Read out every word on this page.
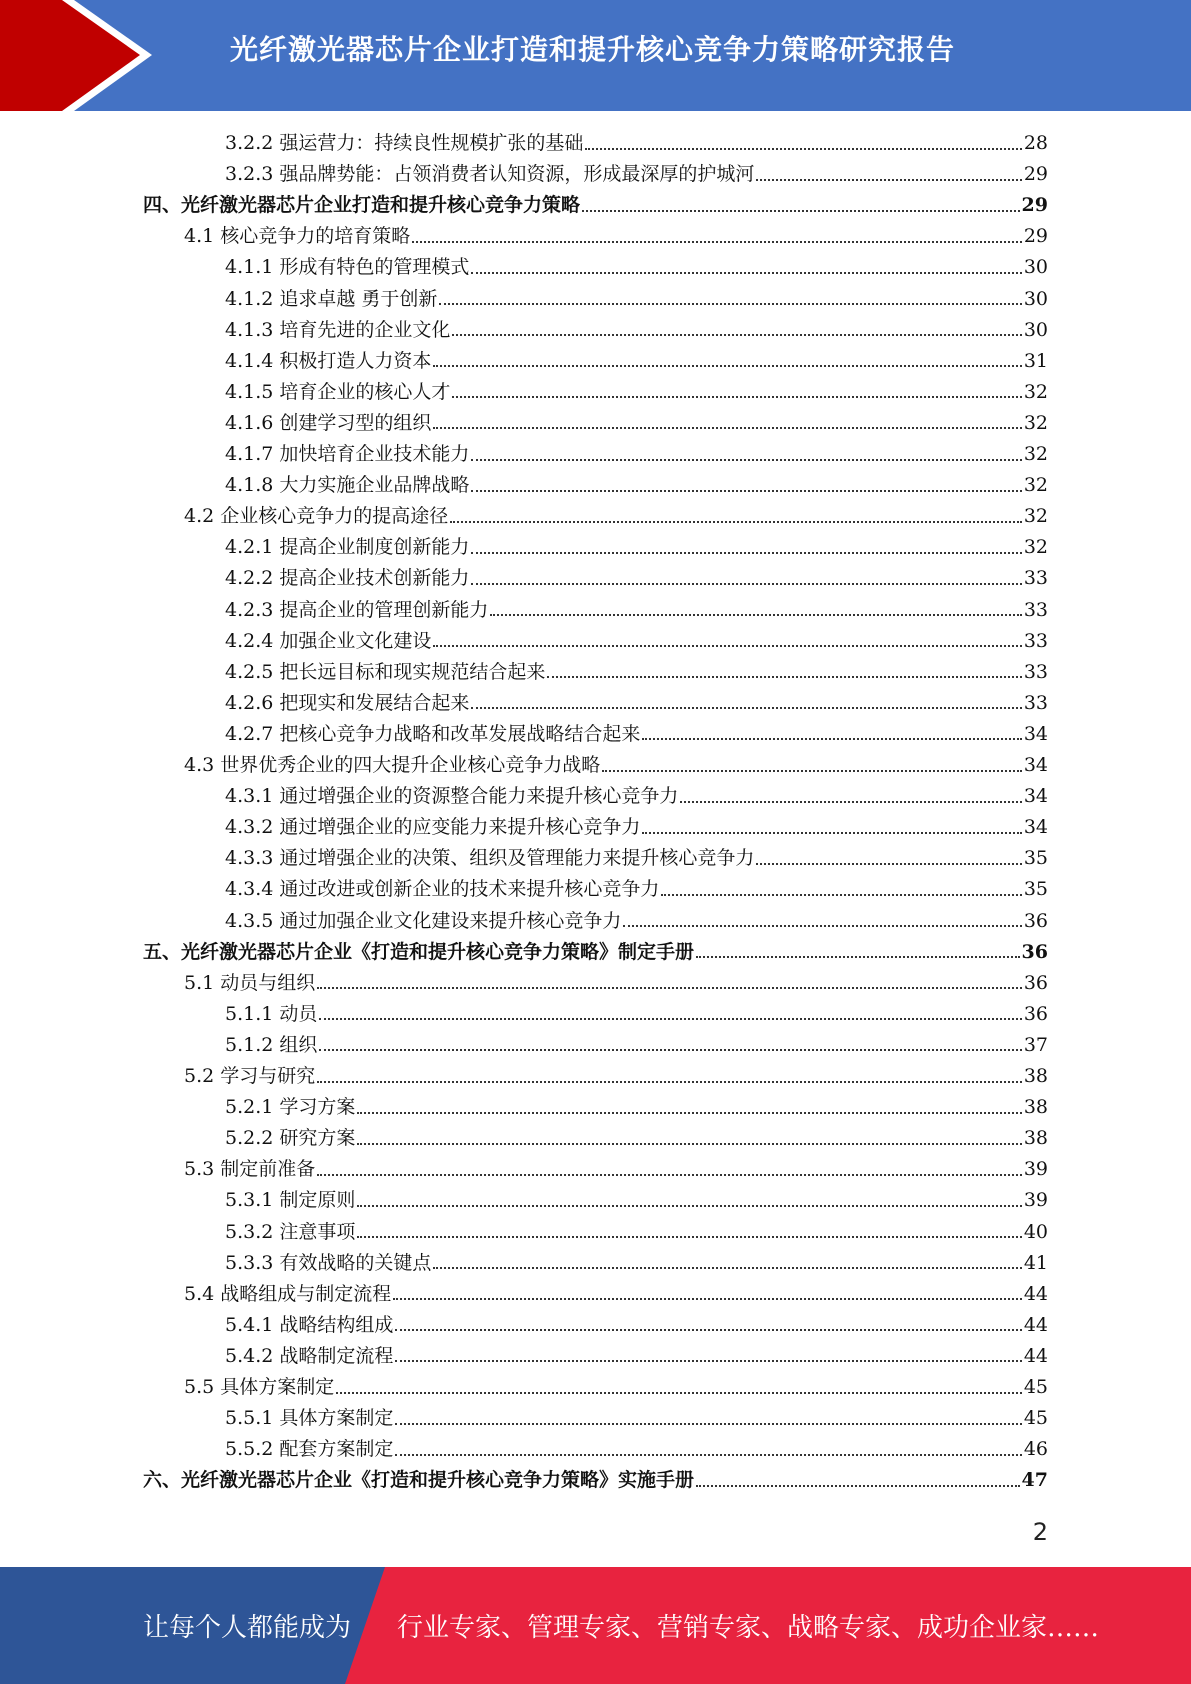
光纤激光器芯片企业打造和提升核心竞争力策略研究报告
3.2.2 强运营力：持续良性规模扩张的基础	28
3.2.3 强品牌势能：占领消费者认知资源，形成最深厚的护城河	29
四、光纤激光器芯片企业打造和提升核心竞争力策略	29
4.1 核心竞争力的培育策略	29
4.1.1 形成有特色的管理模式	30
4.1.2 追求卓越 勇于创新	30
4.1.3 培育先进的企业文化	30
4.1.4 积极打造人力资本	31
4.1.5 培育企业的核心人才	32
4.1.6 创建学习型的组织	32
4.1.7 加快培育企业技术能力	32
4.1.8 大力实施企业品牌战略	32
4.2 企业核心竞争力的提高途径	32
4.2.1 提高企业制度创新能力	32
4.2.2 提高企业技术创新能力	33
4.2.3 提高企业的管理创新能力	33
4.2.4 加强企业文化建设	33
4.2.5 把长远目标和现实规范结合起来	33
4.2.6 把现实和发展结合起来	33
4.2.7 把核心竞争力战略和改革发展战略结合起来	34
4.3 世界优秀企业的四大提升企业核心竞争力战略	34
4.3.1 通过增强企业的资源整合能力来提升核心竞争力	34
4.3.2 通过增强企业的应变能力来提升核心竞争力	34
4.3.3 通过增强企业的决策、组织及管理能力来提升核心竞争力	35
4.3.4 通过改进或创新企业的技术来提升核心竞争力	35
4.3.5 通过加强企业文化建设来提升核心竞争力	36
五、光纤激光器芯片企业《打造和提升核心竞争力策略》制定手册	36
5.1 动员与组织	36
5.1.1 动员	36
5.1.2 组织	37
5.2 学习与研究	38
5.2.1 学习方案	38
5.2.2 研究方案	38
5.3 制定前准备	39
5.3.1 制定原则	39
5.3.2 注意事项	40
5.3.3 有效战略的关键点	41
5.4 战略组成与制定流程	44
5.4.1 战略结构组成	44
5.4.2 战略制定流程	44
5.5 具体方案制定	45
5.5.1 具体方案制定	45
5.5.2 配套方案制定	46
六、光纤激光器芯片企业《打造和提升核心竞争力策略》实施手册	47
2
让每个人都能成为 行业专家、管理专家、营销专家、战略专家、成功企业家……
